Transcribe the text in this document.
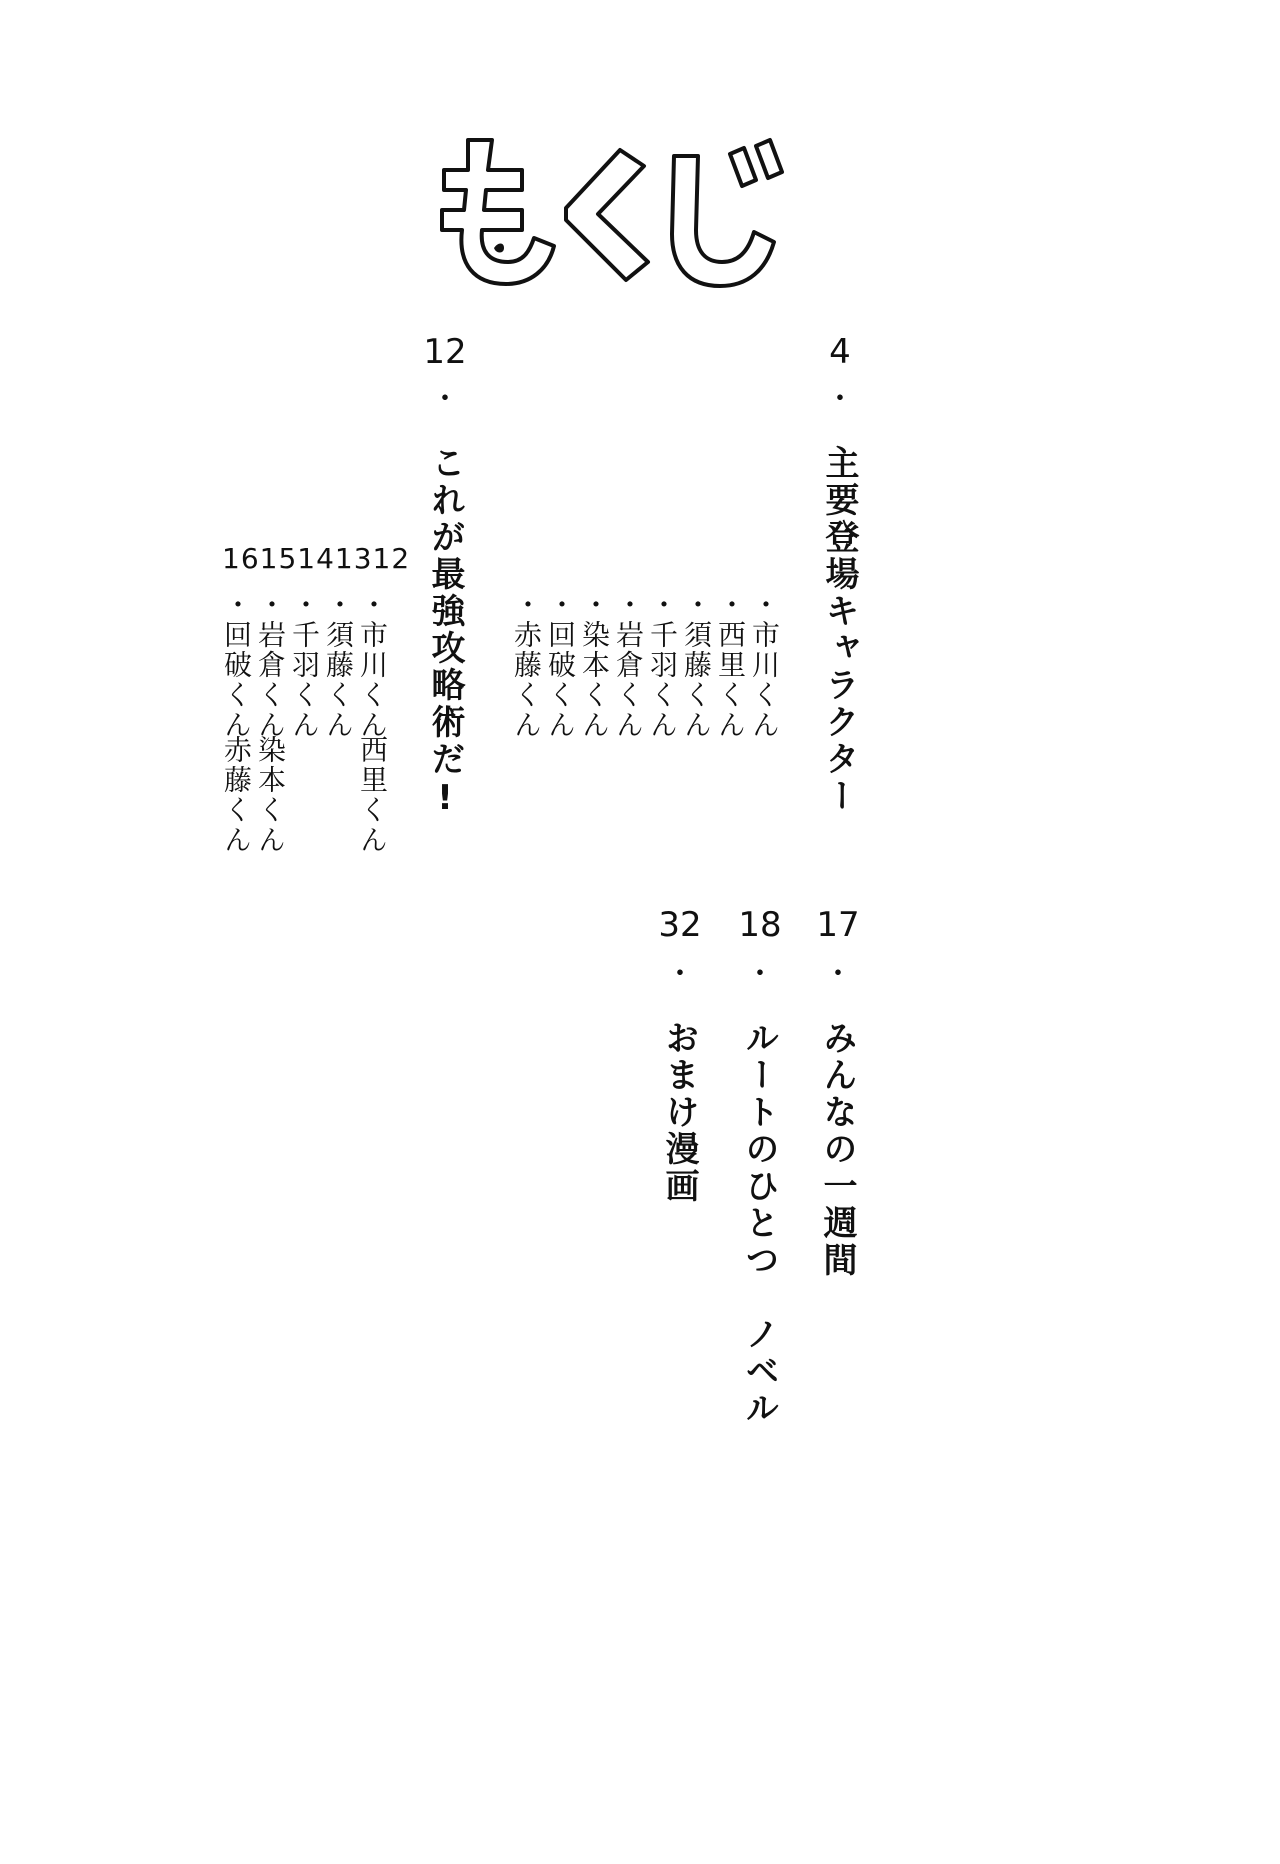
4
・
主要登場キャラクター
・市川くん
・西里くん
・須藤くん
・千羽くん
・岩倉くん
・染本くん
・回破くん
・赤藤くん
12
・
これが最強攻略術だ!
1615141312
・市川くん
西里くん
・須藤くん
・千羽くん
・岩倉くん
染本くん
・回破くん
赤藤くん
17
・
みんなの一週間
18
・
ルートのひとつ　ノベル
32
・
おまけ漫画
